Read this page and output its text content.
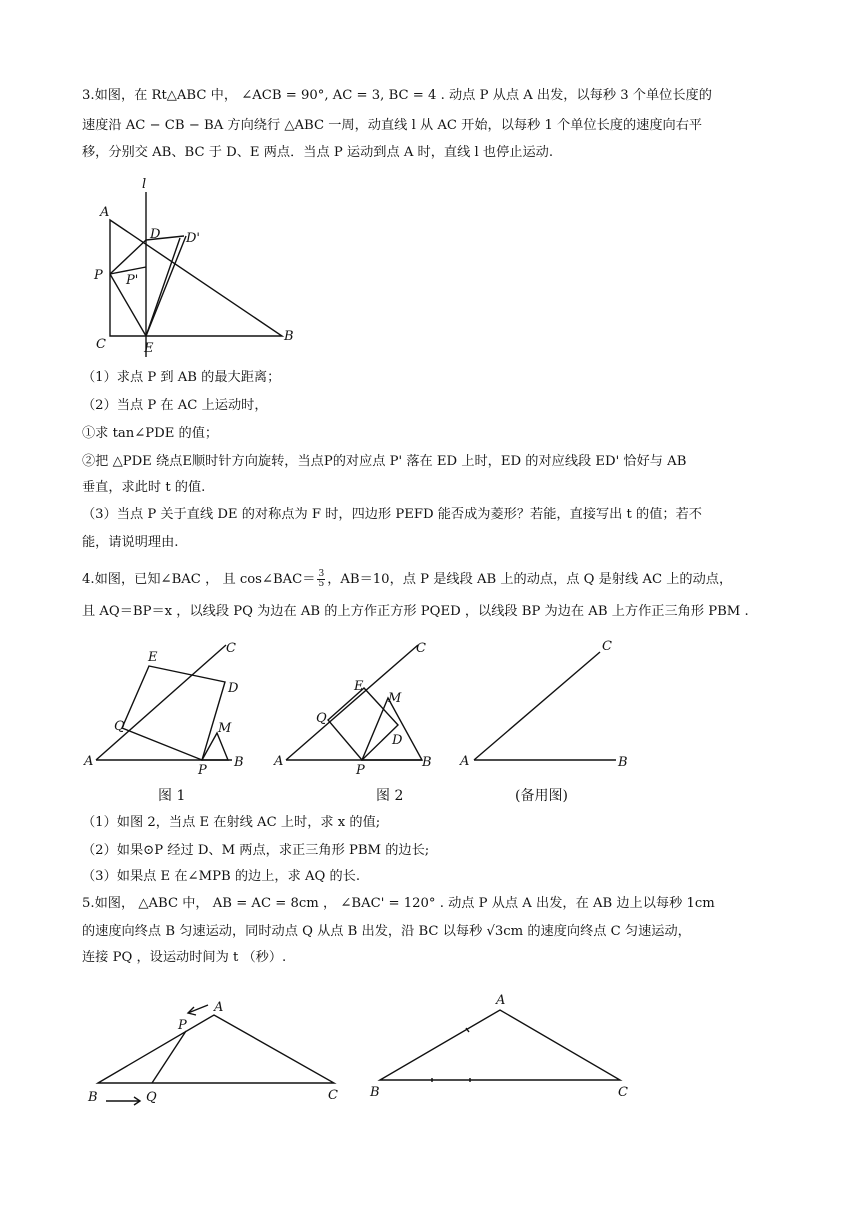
3.如图，在 Rt△ABC 中， ∠ACB = 90°, AC = 3, BC = 4 . 动点 P 从点 A 出发，以每秒 3 个单位长度的
速度沿 AC − CB − BA 方向绕行 △ABC 一周，动直线 l 从 AC 开始，以每秒 1 个单位长度的速度向右平
移，分别交 AB、BC 于 D、E 两点．当点 P 运动到点 A 时，直线 l 也停止运动.
l
A
D D'
P P'
C	E
B
（1）求点 P 到 AB 的最大距离；
（2）当点 P 在 AC 上运动时，
①求 tan∠PDE 的值；
②把 △PDE 绕点E顺时针方向旋转，当点P的对应点 P' 落在 ED 上时，ED 的对应线段 ED' 恰好与 AB
垂直，求此时 t 的值.
（3）当点 P 关于直线 DE 的对称点为 F 时，四边形 PEFD 能否成为菱形？若能，直接写出 t 的值；若不
能，请说明理由.
4.如图，已知∠BAC ， 且 cos∠BAC＝ $\frac{3}{5}$ ，AB＝10，点 P 是线段 AB 上的动点，点 Q 是射线 AC 上的动点，
且 AQ＝BP＝x ，以线段 PQ 为边在 AB 的上方作正方形 PQED ，以线段 BP 为边在 AB 上方作正三角形 PBM .
A	B
C
E
D
Q	M
P
图 1
A	B
C
E
M
Q
D
P
图 2
A	B
C
(备用图)
（1）如图 2，当点 E 在射线 AC 上时，求 x 的值;
（2）如果⊙P 经过 D、M 两点，求正三角形 PBM 的边长;
（3）如果点 E 在∠MPB 的边上，求 AQ 的长.
5.如图， △ABC 中， AB = AC = 8cm ， ∠BAC' = 120° . 动点 P 从点 A 出发，在 AB 边上以每秒 1cm
的速度向终点 B 匀速运动，同时动点 Q 从点 B 出发，沿 BC 以每秒 √3cm 的速度向终点 C 匀速运动，
连接 PQ ，设运动时间为 t （秒）.
A
P
B	Q	C
A
B	C
